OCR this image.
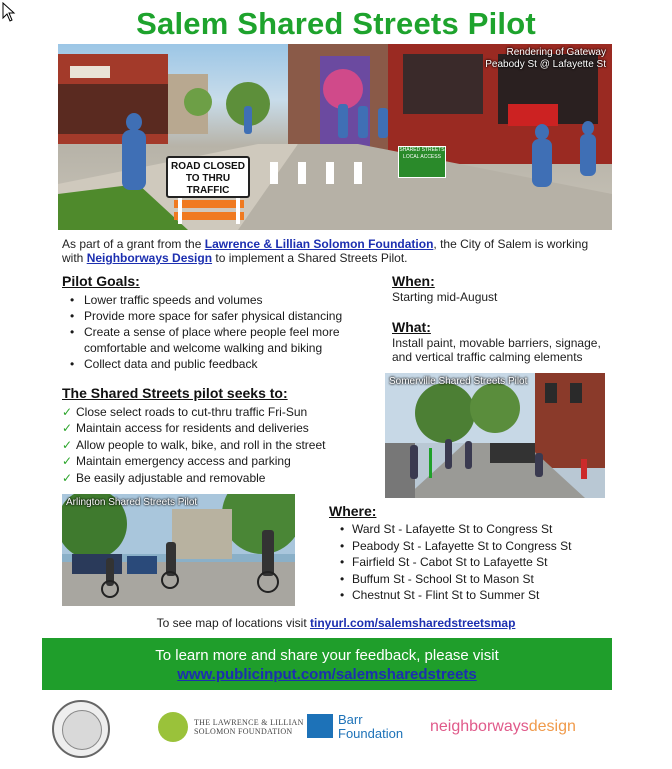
Salem Shared Streets Pilot
Rendering of Gateway
Peabody St @ Lafayette St
ROAD CLOSED TO THRU TRAFFIC
SHARED STREETS
LOCAL ACCESS
As part of a grant from the Lawrence & Lillian Solomon Foundation, the City of Salem is working with Neighborways Design to implement a Shared Streets Pilot.
Pilot Goals:
• Lower traffic speeds and volumes
• Provide more space for safer physical distancing
• Create a sense of place where people feel more comfortable and welcome walking and biking
• Collect data and public feedback
The Shared Streets pilot seeks to:
✓ Close select roads to cut-thru traffic Fri-Sun
✓ Maintain access for residents and deliveries
✓ Allow people to walk, bike, and roll in the street
✓ Maintain emergency access and parking
✓ Be easily adjustable and removable
When:
Starting mid-August
What:
Install paint, movable barriers, signage, and vertical traffic calming elements
Somerville Shared Streets Pilot
Arlington Shared Streets Pilot
Where:
• Ward St - Lafayette St to Congress St
• Peabody St - Lafayette St to Congress St
• Fairfield St - Cabot St to Lafayette St
• Buffum St - School St to Mason St
• Chestnut St - Flint St to Summer St
To see map of locations visit tinyurl.com/salemsharedstreetsmap
To learn more and share your feedback, please visit
www.publicinput.com/salemsharedstreets
THE LAWRENCE & LILLIAN
SOLOMON FOUNDATION
Barr
Foundation neighborwaysdesign
